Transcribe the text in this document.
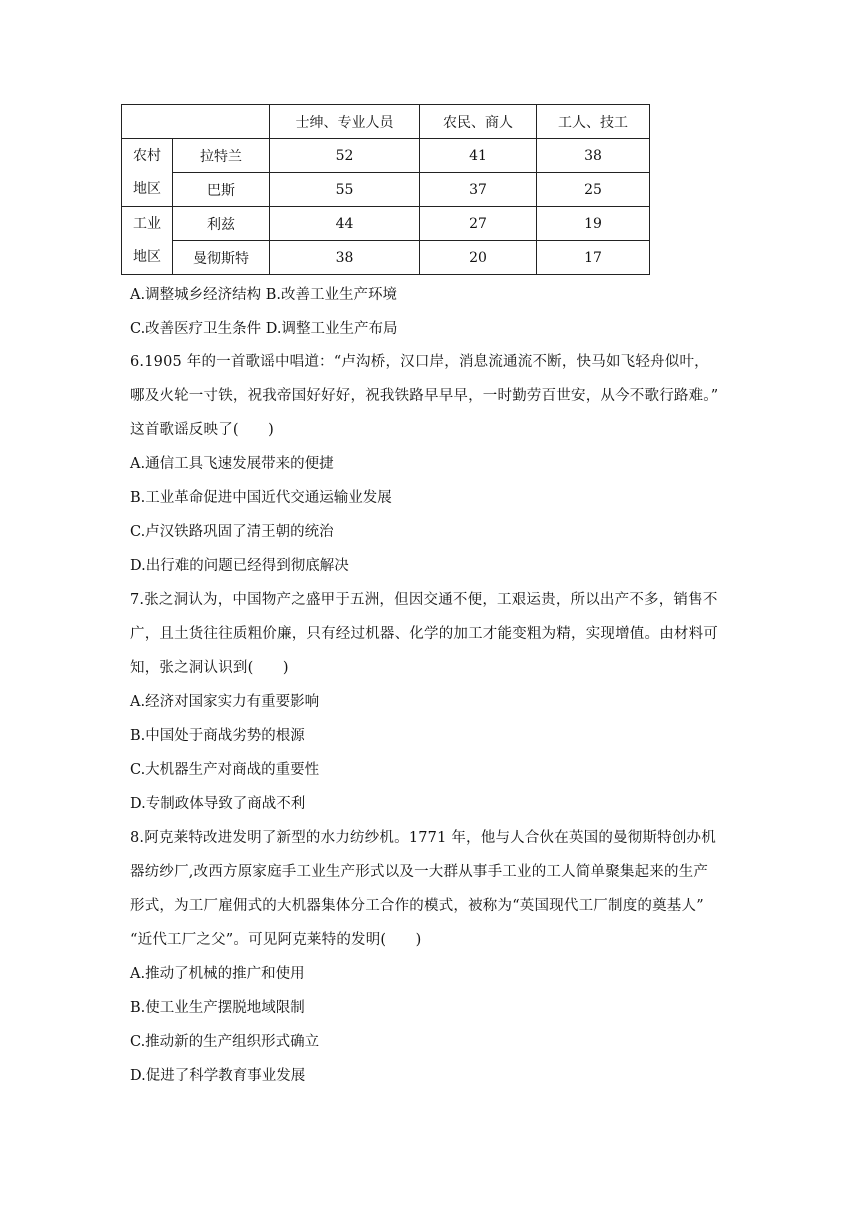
		士绅、专业人员	农民、商人	工人、技工

农村
地区	拉特兰	52	41	38
	巴斯	55	37	25

工业
地区	利兹	44	27	19
	曼彻斯特	38	20	17
A.调整城乡经济结构 B.改善工业生产环境
C.改善医疗卫生条件 D.调整工业生产布局
6.1905 年的一首歌谣中唱道：“卢沟桥，汉口岸，消息流通流不断，快马如飞轻舟似叶，
哪及火轮一寸铁，祝我帝国好好好，祝我铁路早早早，一时勤劳百世安，从今不歌行路难。”
这首歌谣反映了(　　)
A.通信工具飞速发展带来的便捷
B.工业革命促进中国近代交通运输业发展
C.卢汉铁路巩固了清王朝的统治
D.出行难的问题已经得到彻底解决
7.张之洞认为，中国物产之盛甲于五洲，但因交通不便，工艰运贵，所以出产不多，销售不
广，且土货往往质粗价廉，只有经过机器、化学的加工才能变粗为精，实现增值。由材料可
知，张之洞认识到(　　)
A.经济对国家实力有重要影响
B.中国处于商战劣势的根源
C.大机器生产对商战的重要性
D.专制政体导致了商战不利
8.阿克莱特改进发明了新型的水力纺纱机。1771 年，他与人合伙在英国的曼彻斯特创办机
器纺纱厂,改西方原家庭手工业生产形式以及一大群从事手工业的工人简单聚集起来的生产
形式，为工厂雇佣式的大机器集体分工合作的模式，被称为“英国现代工厂制度的奠基人”
“近代工厂之父”。可见阿克莱特的发明(　　)
A.推动了机械的推广和使用
B.使工业生产摆脱地域限制
C.推动新的生产组织形式确立
D.促进了科学教育事业发展
